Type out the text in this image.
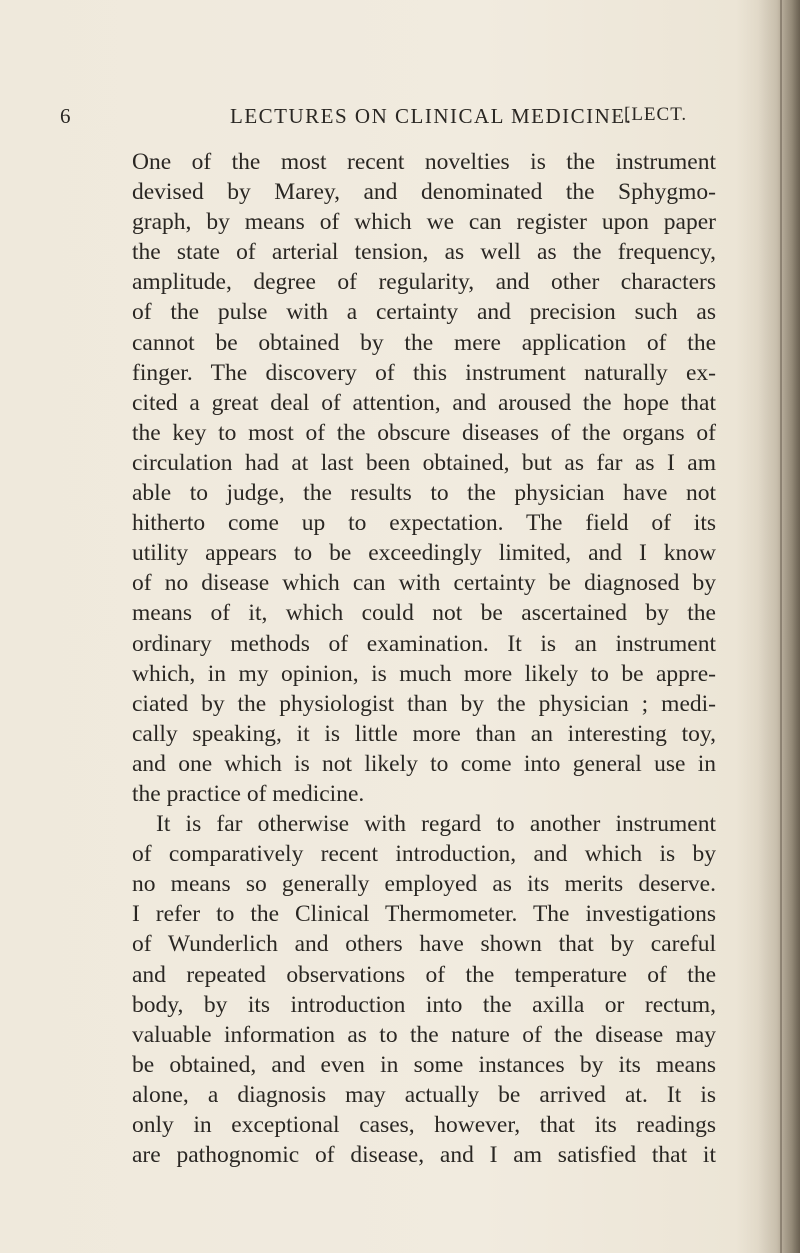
6	LECTURES ON CLINICAL MEDICINE.
[LECT.
One of the most recent novelties is the instrument
devised by Marey, and denominated the Sphygmo-
graph, by means of which we can register upon paper
the state of arterial tension, as well as the frequency,
amplitude, degree of regularity, and other characters
of the pulse with a certainty and precision such as
cannot be obtained by the mere application of the
finger. The discovery of this instrument naturally ex-
cited a great deal of attention, and aroused the hope that
the key to most of the obscure diseases of the organs of
circulation had at last been obtained, but as far as I am
able to judge, the results to the physician have not
hitherto come up to expectation. The field of its
utility appears to be exceedingly limited, and I know
of no disease which can with certainty be diagnosed by
means of it, which could not be ascertained by the
ordinary methods of examination. It is an instrument
which, in my opinion, is much more likely to be appre-
ciated by the physiologist than by the physician ; medi-
cally speaking, it is little more than an interesting toy,
and one which is not likely to come into general use in
the practice of medicine.
It is far otherwise with regard to another instrument
of comparatively recent introduction, and which is by
no means so generally employed as its merits deserve.
I refer to the Clinical Thermometer. The investigations
of Wunderlich and others have shown that by careful
and repeated observations of the temperature of the
body, by its introduction into the axilla or rectum,
valuable information as to the nature of the disease may
be obtained, and even in some instances by its means
alone, a diagnosis may actually be arrived at. It is
only in exceptional cases, however, that its readings
are pathognomic of disease, and I am satisfied that it
